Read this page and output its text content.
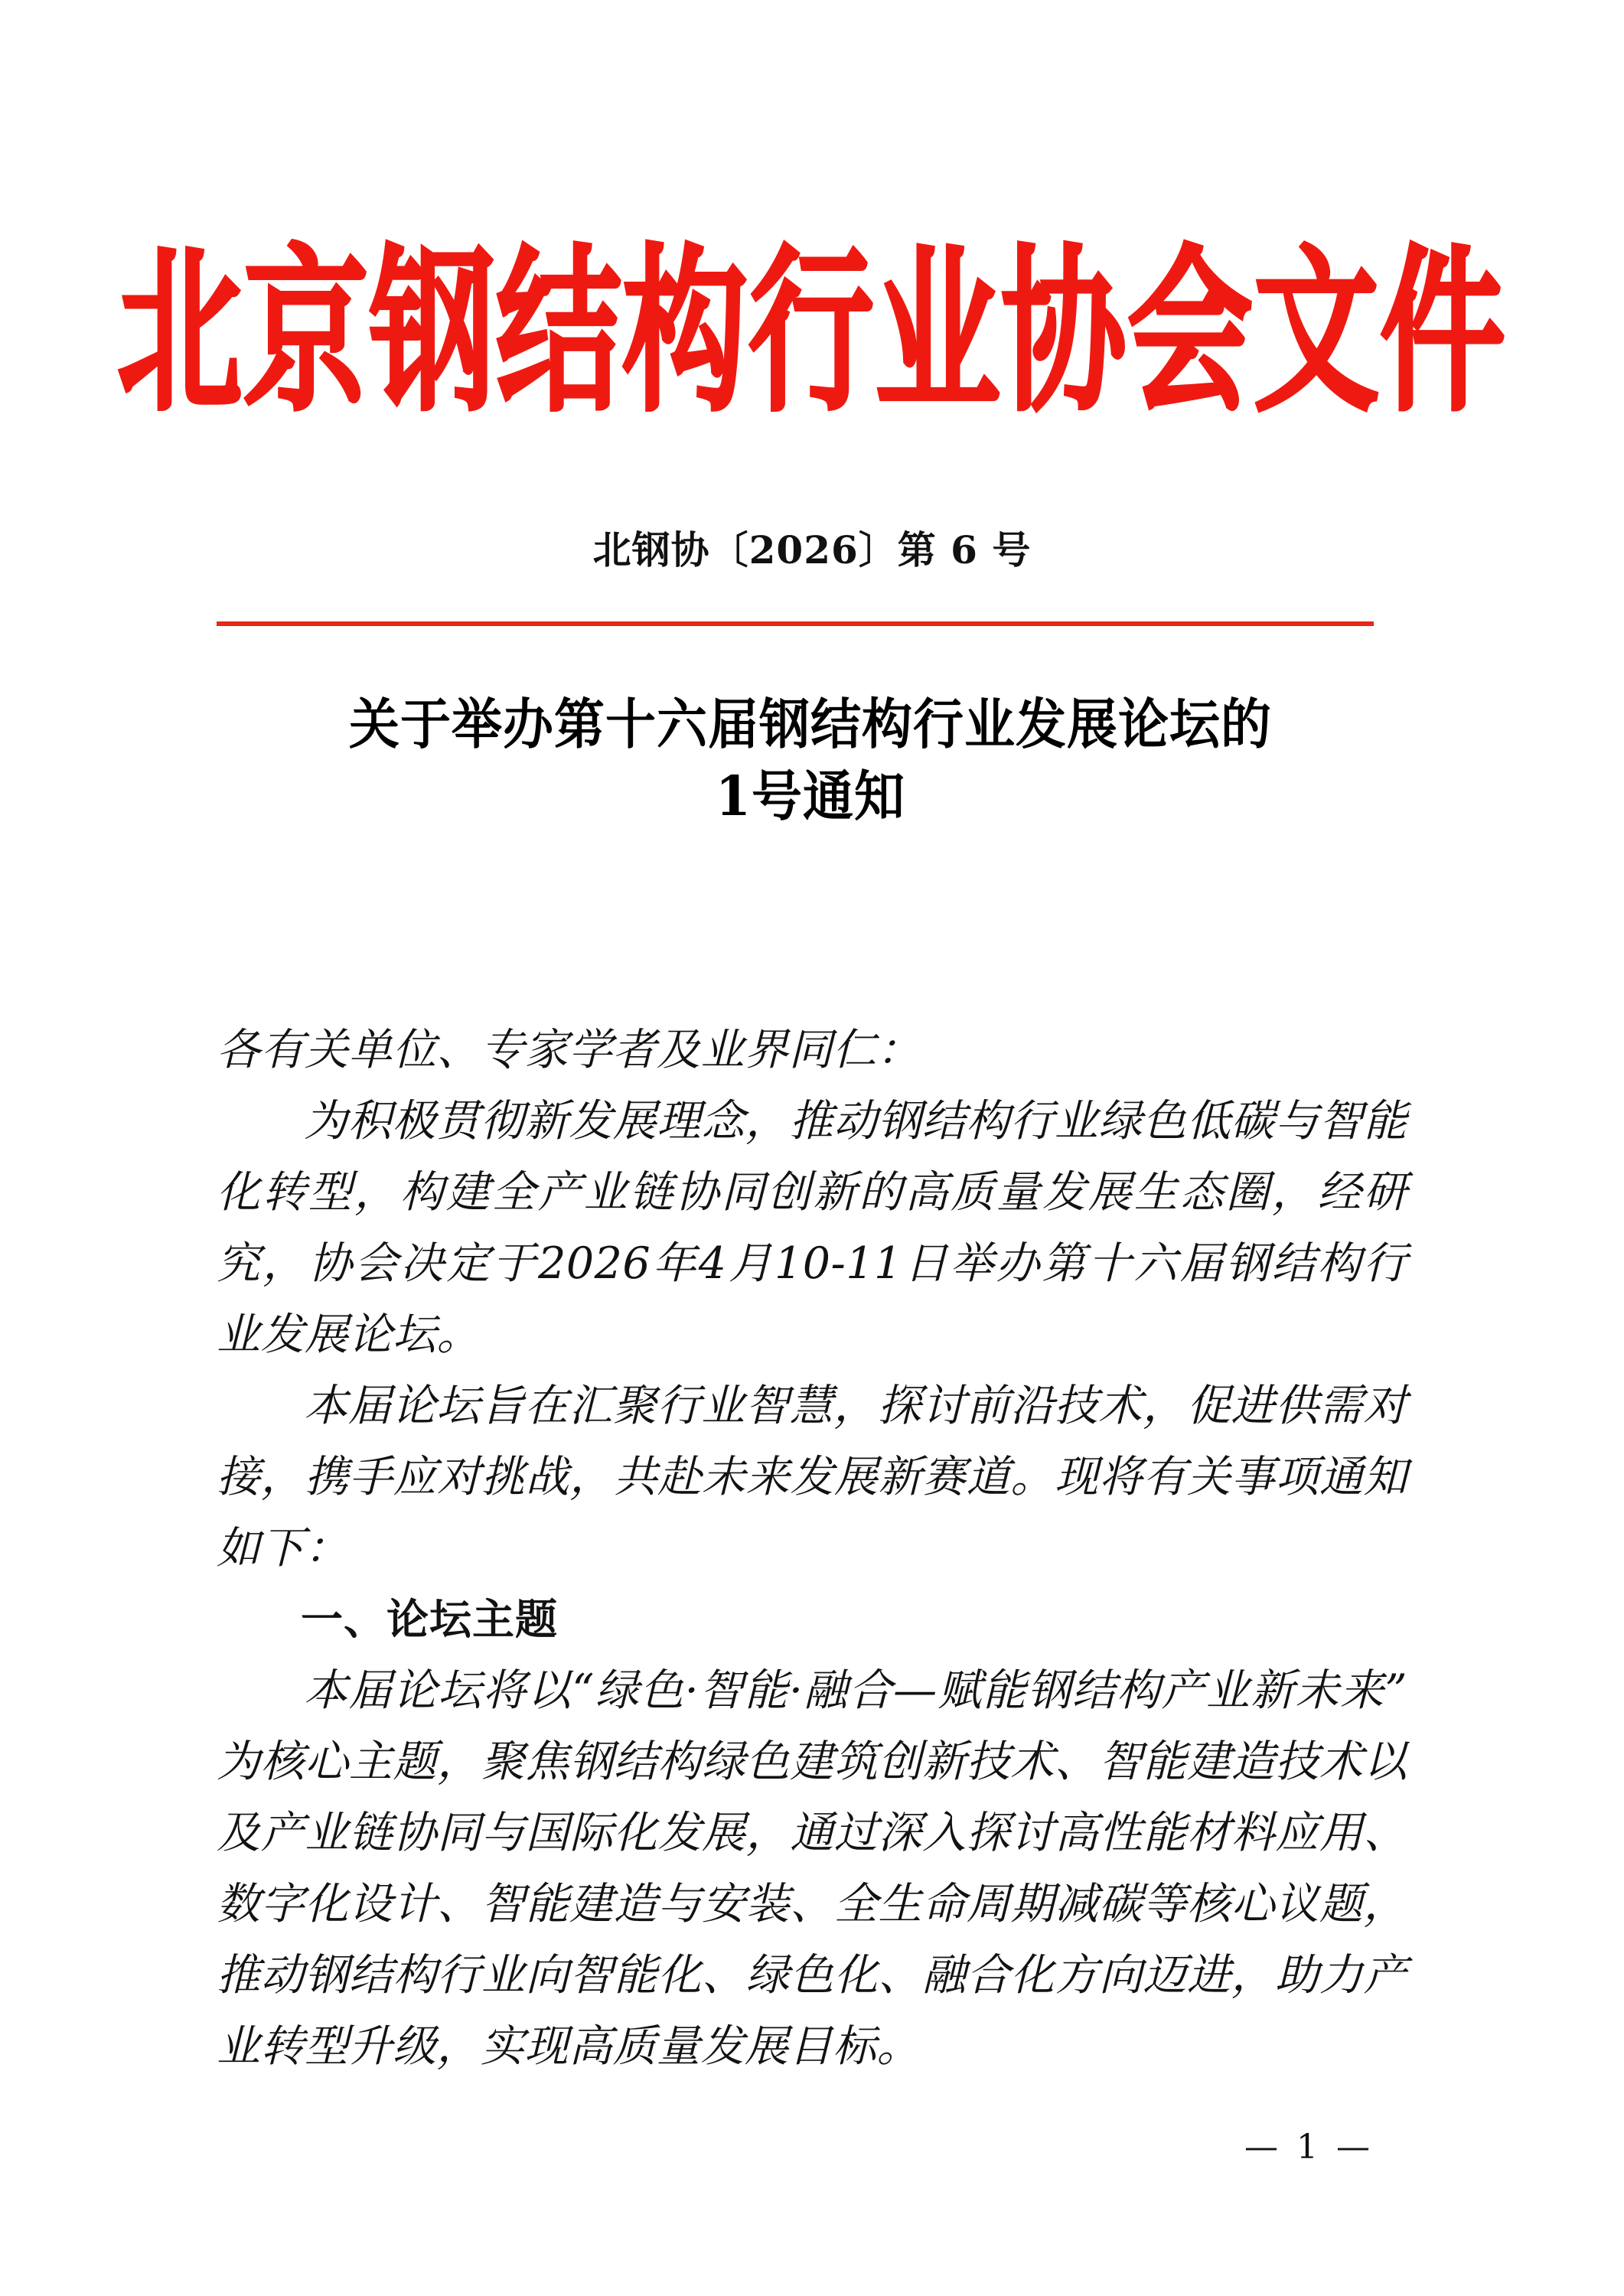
北京钢结构行业协会文件
北钢协〔2026〕第 6 号
关于举办第十六届钢结构行业发展论坛的
1号通知

各有关单位、专家学者及业界同仁：

为积极贯彻新发展理念，推动钢结构行业绿色低碳与智能化转型，构建全产业链协同创新的高质量发展生态圈，经研究，协会决定于2026年4月10-11日举办第十六届钢结构行业发展论坛。

本届论坛旨在汇聚行业智慧，探讨前沿技术，促进供需对接，携手应对挑战，共赴未来发展新赛道。现将有关事项通知如下：

一、论坛主题

本届论坛将以“绿色·智能·融合—赋能钢结构产业新未来”为核心主题，聚焦钢结构绿色建筑创新技术、智能建造技术以及产业链协同与国际化发展，通过深入探讨高性能材料应用、数字化设计、智能建造与安装、全生命周期减碳等核心议题，推动钢结构行业向智能化、绿色化、融合化方向迈进，助力产业转型升级，实现高质量发展目标。

— 1 —
